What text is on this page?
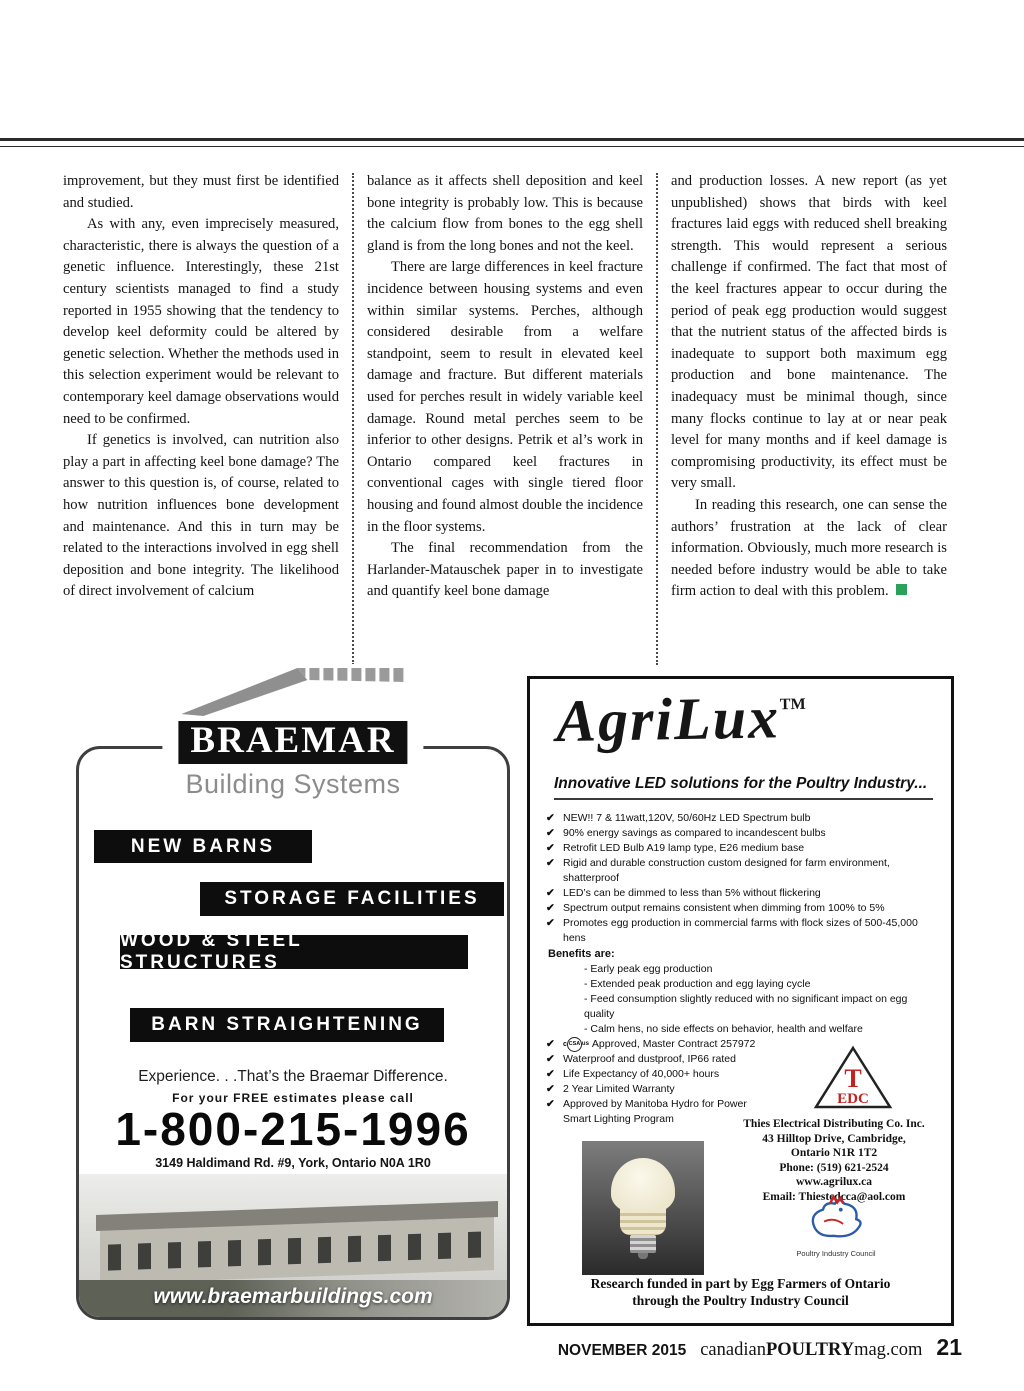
improvement, but they must first be identified and studied.

As with any, even imprecisely measured, characteristic, there is always the question of a genetic influence. Interestingly, these 21st century scientists managed to find a study reported in 1955 showing that the tendency to develop keel deformity could be altered by genetic selection. Whether the methods used in this selection experiment would be relevant to contemporary keel damage observations would need to be confirmed.

If genetics is involved, can nutrition also play a part in affecting keel bone damage? The answer to this question is, of course, related to how nutrition influences bone development and maintenance. And this in turn may be related to the interactions involved in egg shell deposition and bone integrity. The likelihood of direct involvement of calcium

balance as it affects shell deposition and keel bone integrity is probably low. This is because the calcium flow from bones to the egg shell gland is from the long bones and not the keel.

There are large differences in keel fracture incidence between housing systems and even within similar systems. Perches, although considered desirable from a welfare standpoint, seem to result in elevated keel damage and fracture. But different materials used for perches result in widely variable keel damage. Round metal perches seem to be inferior to other designs. Petrik et al’s work in Ontario compared keel fractures in conventional cages with single tiered floor housing and found almost double the incidence in the floor systems.

The final recommendation from the Harlander-Matauschek paper in to investigate and quantify keel bone damage

and production losses. A new report (as yet unpublished) shows that birds with keel fractures laid eggs with reduced shell breaking strength. This would represent a serious challenge if confirmed. The fact that most of the keel fractures appear to occur during the period of peak egg production would suggest that the nutrient status of the affected birds is inadequate to support both maximum egg production and bone maintenance. The inadequacy must be minimal though, since many flocks continue to lay at or near peak level for many months and if keel damage is compromising productivity, its effect must be very small.

In reading this research, one can sense the authors’ frustration at the lack of clear information. Obviously, much more research is needed before industry would be able to take firm action to deal with this problem.

BRAEMAR
Building Systems
NEW BARNS
STORAGE FACILITIES
WOOD & STEEL STRUCTURES
BARN STRAIGHTENING
Experience. . .That’s the Braemar Difference.
For your FREE estimates please call
1-800-215-1996
3149 Haldimand Rd. #9, York, Ontario N0A 1R0
www.braemarbuildings.com
AgriLux™
Innovative LED solutions for the Poultry Industry...
✔ NEW!! 7 & 11watt,120V, 50/60Hz LED Spectrum bulb
✔ 90% energy savings as compared to incandescent bulbs
✔ Retrofit LED Bulb A19 lamp type, E26 medium base
✔ Rigid and durable construction custom designed for farm environment, shatterproof
✔ LED’s can be dimmed to less than 5% without flickering
✔ Spectrum output remains consistent when dimming from 100% to 5%
✔ Promotes egg production in commercial farms with flock sizes of 500-45,000 hens
Benefits are:
- Early peak egg production
- Extended peak production and egg laying cycle
- Feed consumption slightly reduced with no significant impact on egg quality
- Calm hens, no side effects on behavior, health and welfare
✔	c CSA us Approved, Master Contract 257972
✔ Waterproof and dustproof, IP66 rated
✔ Life Expectancy of 40,000+ hours
✔ 2 Year Limited Warranty
✔ Approved by Manitoba Hydro for Power Smart Lighting Program
T
EDC
Thies Electrical Distributing Co. Inc.
43 Hilltop Drive, Cambridge,
Ontario N1R 1T2
Phone: (519) 621-2524
www.agrilux.ca
Email: Thiestedcca@aol.com
Poultry Industry Council
Research funded in part by Egg Farmers of Ontario
through the Poultry Industry Council
NOVEMBER 2015 canadianPOULTRYmag.com 21
